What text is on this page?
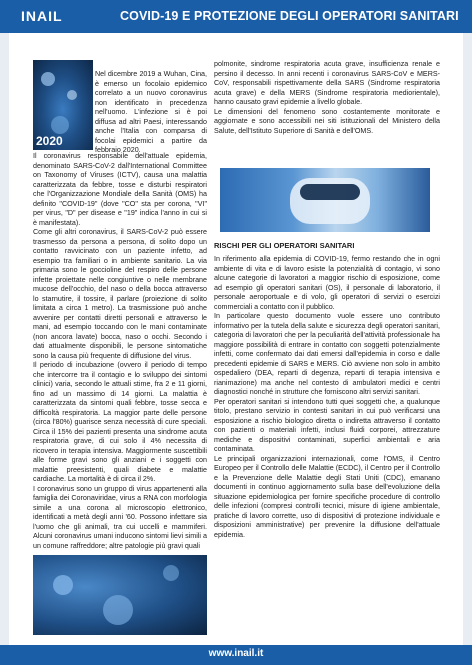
INAIL	COVID-19 E PROTEZIONE DEGLI OPERATORI SANITARI
2020

Nel dicembre 2019 a Wuhan, Cina, è emerso un focolaio epidemico correlato a un nuovo coronavirus non identificato in precedenza nell'uomo. L'infezione si è poi diffusa ad altri Paesi, interessando anche l'Italia con comparsa di focolai epidemici a partire da febbraio 2020.

Il coronavirus responsabile dell'attuale epidemia, denominato SARS-CoV-2 dall'International Committee on Taxonomy of Viruses (ICTV), causa una malattia caratterizzata da febbre, tosse e disturbi respiratori che l'Organizzazione Mondiale della Sanità (OMS) ha definito "COVID-19" (dove "CO" sta per corona, "VI" per virus, "D" per disease e "19" indica l'anno in cui si è manifestata).

Come gli altri coronavirus, il SARS-CoV-2 può essere trasmesso da persona a persona, di solito dopo un contatto ravvicinato con un paziente infetto, ad esempio tra familiari o in ambiente sanitario. La via primaria sono le goccioline del respiro delle persone infette proiettate nelle congiuntive o nelle membrane mucose dell'occhio, del naso o della bocca attraverso lo starnutire, il tossire, il parlare (proiezione di solito limitata a circa 1 metro). La trasmissione può anche avvenire per contatti diretti personali e attraverso le mani, ad esempio toccando con le mani contaminate (non ancora lavate) bocca, naso o occhi. Secondo i dati attualmente disponibili, le persone sintomatiche sono la causa più frequente di diffusione del virus.

Il periodo di incubazione (ovvero il periodo di tempo che intercorre tra il contagio e lo sviluppo dei sintomi clinici) varia, secondo le attuali stime, fra 2 e 11 giorni, fino ad un massimo di 14 giorni. La malattia è caratterizzata da sintomi quali febbre, tosse secca e difficoltà respiratoria. La maggior parte delle persone (circa l'80%) guarisce senza necessità di cure speciali. Circa il 15% dei pazienti presenta una sindrome acuta respiratoria grave, di cui solo il 4% necessita di ricovero in terapia intensiva. Maggiormente suscettibili alle forme gravi sono gli anziani e i soggetti con malattie preesistenti, quali diabete e malattie cardiache. La mortalità è di circa il 2%.

I coronavirus sono un gruppo di virus appartenenti alla famiglia dei Coronaviridae, virus a RNA con morfologia simile a una corona al microscopio elettronico, identificati a metà degli anni '60. Possono infettare sia l'uomo che gli animali, tra cui uccelli e mammiferi. Alcuni coronavirus umani inducono sintomi lievi simili a un comune raffreddore; altre patologie più gravi quali

polmonite, sindrome respiratoria acuta grave, insufficienza renale e persino il decesso. In anni recenti i coronavirus SARS-CoV e MERS-CoV, responsabili rispettivamente della SARS (Sindrome respiratoria acuta grave) e della MERS (Sindrome respiratoria mediorientale), hanno causato gravi epidemie a livello globale.

Le dimensioni del fenomeno sono costantemente monitorate e aggiornate e sono accessibili nei siti istituzionali del Ministero della Salute, dell'Istituto Superiore di Sanità e dell'OMS.

RISCHI PER GLI OPERATORI SANITARI

In riferimento alla epidemia di COVID-19, fermo restando che in ogni ambiente di vita e di lavoro esiste la potenzialità di contagio, vi sono alcune categorie di lavoratori a maggior rischio di esposizione, come ad esempio gli operatori sanitari (OS), il personale di laboratorio, il personale aeroportuale e di volo, gli operatori di servizi o esercizi commerciali a contatto con il pubblico.

In particolare questo documento vuole essere uno contributo informativo per la tutela della salute e sicurezza degli operatori sanitari, categoria di lavoratori che per la peculiarità dell'attività professionale ha maggiore possibilità di entrare in contatto con soggetti potenzialmente infetti, come confermato dai dati emersi dall'epidemia in corso e dalle precedenti epidemie di SARS e MERS. Ciò avviene non solo in ambito ospedaliero (DEA, reparti di degenza, reparti di terapia intensiva e rianimazione) ma anche nel contesto di ambulatori medici e centri diagnostici nonché in strutture che forniscono altri servizi sanitari.

Per operatori sanitari si intendono tutti quei soggetti che, a qualunque titolo, prestano servizio in contesti sanitari in cui può verificarsi una esposizione a rischio biologico diretta o indiretta attraverso il contatto con pazienti o materiali infetti, inclusi fluidi corporei, attrezzature mediche e dispositivi contaminati, superfici ambientali e aria contaminata.

Le principali organizzazioni internazionali, come l'OMS, il Centro Europeo per il Controllo delle Malattie (ECDC), il Centro per il Controllo e la Prevenzione delle Malattie degli Stati Uniti (CDC), emanano documenti in continuo aggiornamento sulla base dell'evoluzione della situazione epidemiologica per fornire specifiche procedure di controllo delle infezioni (compresi controlli tecnici, misure di igiene ambientale, pratiche di lavoro corrette, uso di dispositivi di protezione individuale e disposizioni amministrative) per prevenire la diffusione dell'attuale epidemia.

www.inail.it
